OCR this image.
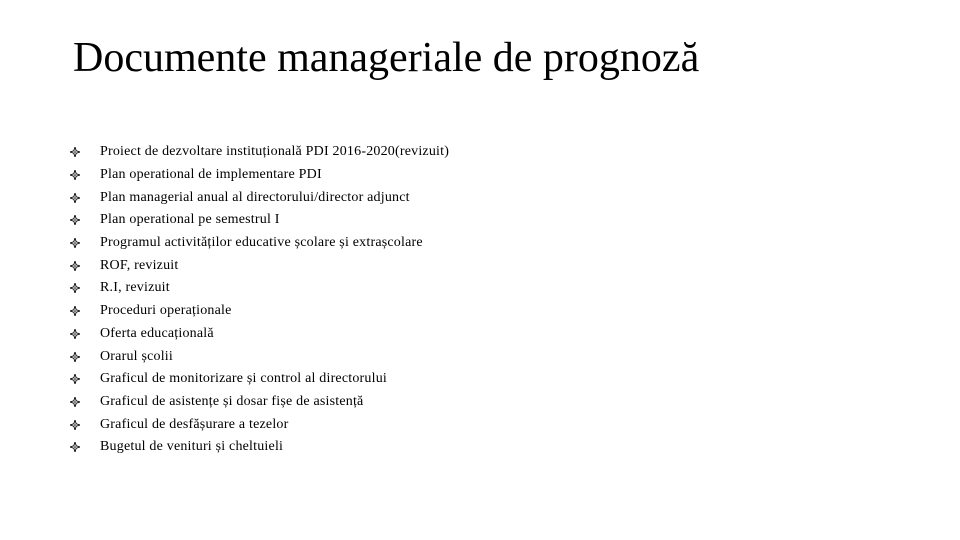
Documente manageriale de prognoză
Proiect de dezvoltare instituțională PDI 2016-2020(revizuit)
Plan operational de implementare PDI
Plan managerial anual al directorului/director adjunct
Plan operational pe semestrul I
Programul activităților educative școlare și extrașcolare
ROF, revizuit
R.I, revizuit
Proceduri operaționale
Oferta educațională
Orarul școlii
Graficul de monitorizare și control al directorului
Graficul de asistențe și dosar fișe de asistență
Graficul de desfășurare a tezelor
Bugetul de venituri și cheltuieli
